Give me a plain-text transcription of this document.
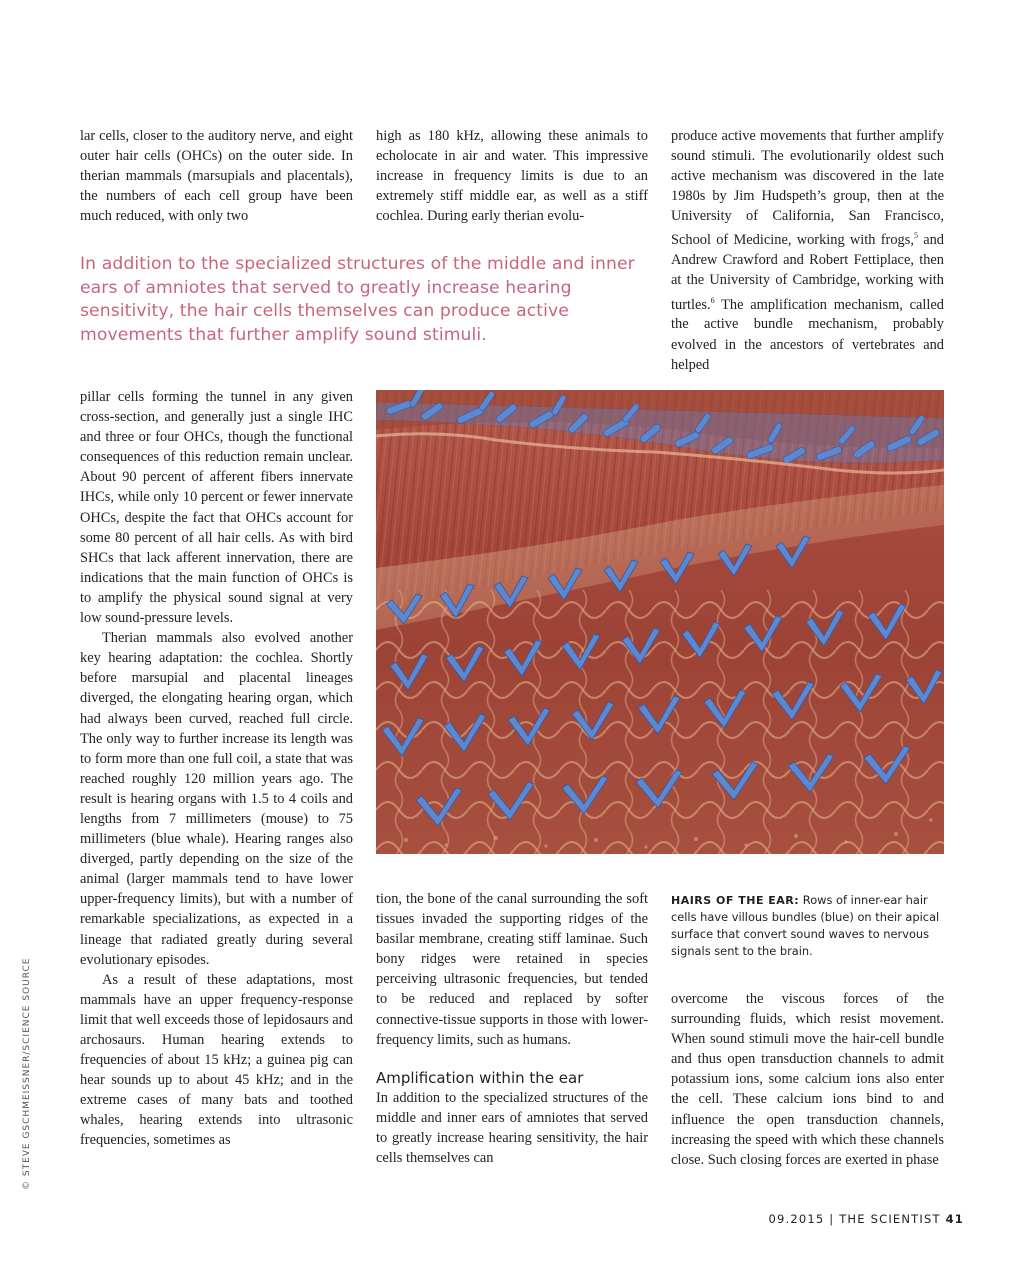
lar cells, closer to the auditory nerve, and eight outer hair cells (OHCs) on the outer side. In therian mammals (marsupials and placentals), the numbers of each cell group have been much reduced, with only two

high as 180 kHz, allowing these animals to echolocate in air and water. This impressive increase in frequency limits is due to an extremely stiff middle ear, as well as a stiff cochlea. During early therian evolu-

produce active movements that further amplify sound stimuli. The evolutionarily oldest such active mechanism was discovered in the late 1980s by Jim Hudspeth’s group, then at the University of California, San Francisco, School of Medicine, working with frogs,$^5$ and Andrew Crawford and Robert Fettiplace, then at the University of Cambridge, working with turtles.$^6$ The amplification mechanism, called the active bundle mechanism, probably evolved in the ancestors of vertebrates and helped

In addition to the specialized structures of the middle and inner ears of amniotes that served to greatly increase hearing sensitivity, the hair cells themselves can produce active movements that further amplify sound stimuli.

pillar cells forming the tunnel in any given cross-section, and generally just a single IHC and three or four OHCs, though the functional consequences of this reduction remain unclear. About 90 percent of afferent fibers innervate IHCs, while only 10 percent or fewer innervate OHCs, despite the fact that OHCs account for some 80 percent of all hair cells. As with bird SHCs that lack afferent innervation, there are indications that the main function of OHCs is to amplify the physical sound signal at very low sound-pressure levels.

Therian mammals also evolved another key hearing adaptation: the cochlea. Shortly before marsupial and placental lineages diverged, the elongating hearing organ, which had always been curved, reached full circle. The only way to further increase its length was to form more than one full coil, a state that was reached roughly 120 million years ago. The result is hearing organs with 1.5 to 4 coils and lengths from 7 millimeters (mouse) to 75 millimeters (blue whale). Hearing ranges also diverged, partly depending on the size of the animal (larger mammals tend to have lower upper-frequency limits), but with a number of remarkable specializations, as expected in a lineage that radiated greatly during several evolutionary episodes.

As a result of these adaptations, most mammals have an upper frequency-response limit that well exceeds those of lepidosaurs and archosaurs. Human hearing extends to frequencies of about 15 kHz; a guinea pig can hear sounds up to about 45 kHz; and in the extreme cases of many bats and toothed whales, hearing extends into ultrasonic frequencies, sometimes as

tion, the bone of the canal surrounding the soft tissues invaded the supporting ridges of the basilar membrane, creating stiff laminae. Such bony ridges were retained in species perceiving ultrasonic frequencies, but tended to be reduced and replaced by softer connective-tissue supports in those with lower-frequency limits, such as humans.

Amplification within the ear

In addition to the specialized structures of the middle and inner ears of amniotes that served to greatly increase hearing sensitivity, the hair cells themselves can

HAIRS OF THE EAR: Rows of inner-ear hair cells have villous bundles (blue) on their apical surface that convert sound waves to nervous signals sent to the brain.

overcome the viscous forces of the surrounding fluids, which resist movement. When sound stimuli move the hair-cell bundle and thus open transduction channels to admit potassium ions, some calcium ions also enter the cell. These calcium ions bind to and influence the open transduction channels, increasing the speed with which these channels close. Such closing forces are exerted in phase

© STEVE GSCHMEISSNER/SCIENCE SOURCE
09.2015 | THE SCIENTIST 41
